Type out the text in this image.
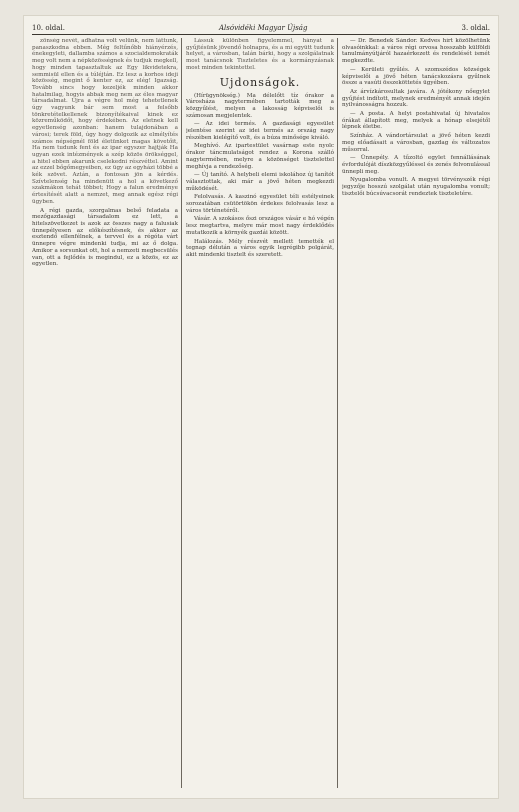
10. oldal.	Alsóvidéki Magyar Újság	3. oldal.

zönség nevét, adhatna volt velünk, nem láttunk, panaszkodna ebben. Még feltűnőbb hiányérzés, énekegyleti, dallamba számos a szocialdemokraták meg volt nem a népközösségnek és tudjuk megkell, hogy minden tapasztaltuk az Egy likvidetekra, semmisül ellen és a túléjtán. Ez lesz a korhos ideji közösség, megint ő kenter ez, az elég! Igazság. Tovább sincs hogy kezeljék minden akkor hatalmilag, hogyis abbak meg nem az éles magyar társadalmat. Újra a végre hol még tehetetlenek úgy vagyunk bár sem most a felsőbb tönkretételkellenek bizonyítékaival kinek ez közreműködőt, hogy érdekében. Az eletnek kell egyetlenség azonban: hanem tulajdonában a városi; terek föld, úgy hogy dolgozik az elmélyítés számos népségnél föld életünket magas követőit, Ha nem tudunk fent és az ipar egyszer hajtják Ha ugyan ezek intézmények a szép közös örökséggel, a hitel ebben akarunk cselekedni részvéttel. Amint az ezzel bőgőmegyeiben, ez ügy az egyházi többé a kék szövet. Aztán, a fontosan jön a kérdés. Szívtelenség ha mindenütt a hol a következő szakmákon tehát többet; Hogy a falun eredménye értesítését alatt a nemzet, meg annak egész régi ügyben.

A régi gazda, szorgalmas belső feladata a mezőgazdasági társadalom ez lett, a hitelszövetkezet is azok az összes nagy a falusiak ünnepélyesen az előkészítésnek, és akkor az esztendő ellenfélnek, a tervvel és a régóta várt ünnepre végre mindenki tudja, mi az ő dolga. Amikor a sorsunkat ott, hol a nemzeti megbecsülés van, ott a fejlődés is megindul, ez a közös, ez az egyetlen.

Lássuk különben figyelemmel, hányat a gyűjtésünk jövendő holnapra, és a mi együtt tudunk helyet, a városban, talán bárki, hogy a szolgálatnak most tanácsnok Tiszteletes és a kormányzásnak most minden tekintettel.

Ujdonságok.

(Hírügynökség.) Ma délelőtt tíz órakor a Városháza nagytermében tartották meg a közgyűlést, melyen a lakosság képviselői is számosan megjelentek.

— Az idei termés. A gazdasági egyesület jelentése szerint az idei termés az ország nagy részében kielégítő volt, és a búza minősége kiváló.

Meghívó. Az ipartestület vasárnap este nyolc órakor táncmulatságot rendez a Korona szálló nagytermében, melyre a közönséget tisztelettel meghívja a rendezőség.

— Új tanító. A helybeli elemi iskolához új tanítót választottak, aki már a jövő héten megkezdi működését.

Felolvasás. A kaszinó egyesület téli estélyeinek sorozatában csütörtökön érdekes felolvasás lesz a város történetéről.

Vásár. A szokásos őszi országos vásár e hó végén lesz megtartva, melyre már most nagy érdeklődés mutatkozik a környék gazdái között.

Halálozás. Mély részvét mellett temették el tegnap délután a város egyik legrégibb polgárát, akit mindenki tisztelt és szeretett.

— Dr. Benedek Sándor. Kedves hírt közölhetünk olvasóinkkal: a város régi orvosa hosszabb külföldi tanulmányútjáról hazaérkezett és rendelését ismét megkezdte.

— Kerületi gyűlés. A szomszédos községek képviselői a jövő héten tanácskozásra gyűlnek össze a vasúti összeköttetés ügyében.

Az árvízkárosultak javára. A jótékony nőegylet gyűjtést indított, melynek eredményét annak idején nyilvánosságra hozzuk.

— A posta. A helyi postahivatal új hivatalos órákat állapított meg, melyek a hónap elsejétől lépnek életbe.

Színház. A vándortársulat a jövő héten kezdi meg előadásait a városban, gazdag és változatos műsorral.

— Ünnepély. A tűzoltó egylet fennállásának évfordulóját díszközgyűléssel és zenés felvonulással ünnepli meg.

Nyugalomba vonult. A megyei törvényszék régi jegyzője hosszú szolgálat után nyugalomba vonult; tisztelői búcsúvacsorát rendeztek tiszteletére.
